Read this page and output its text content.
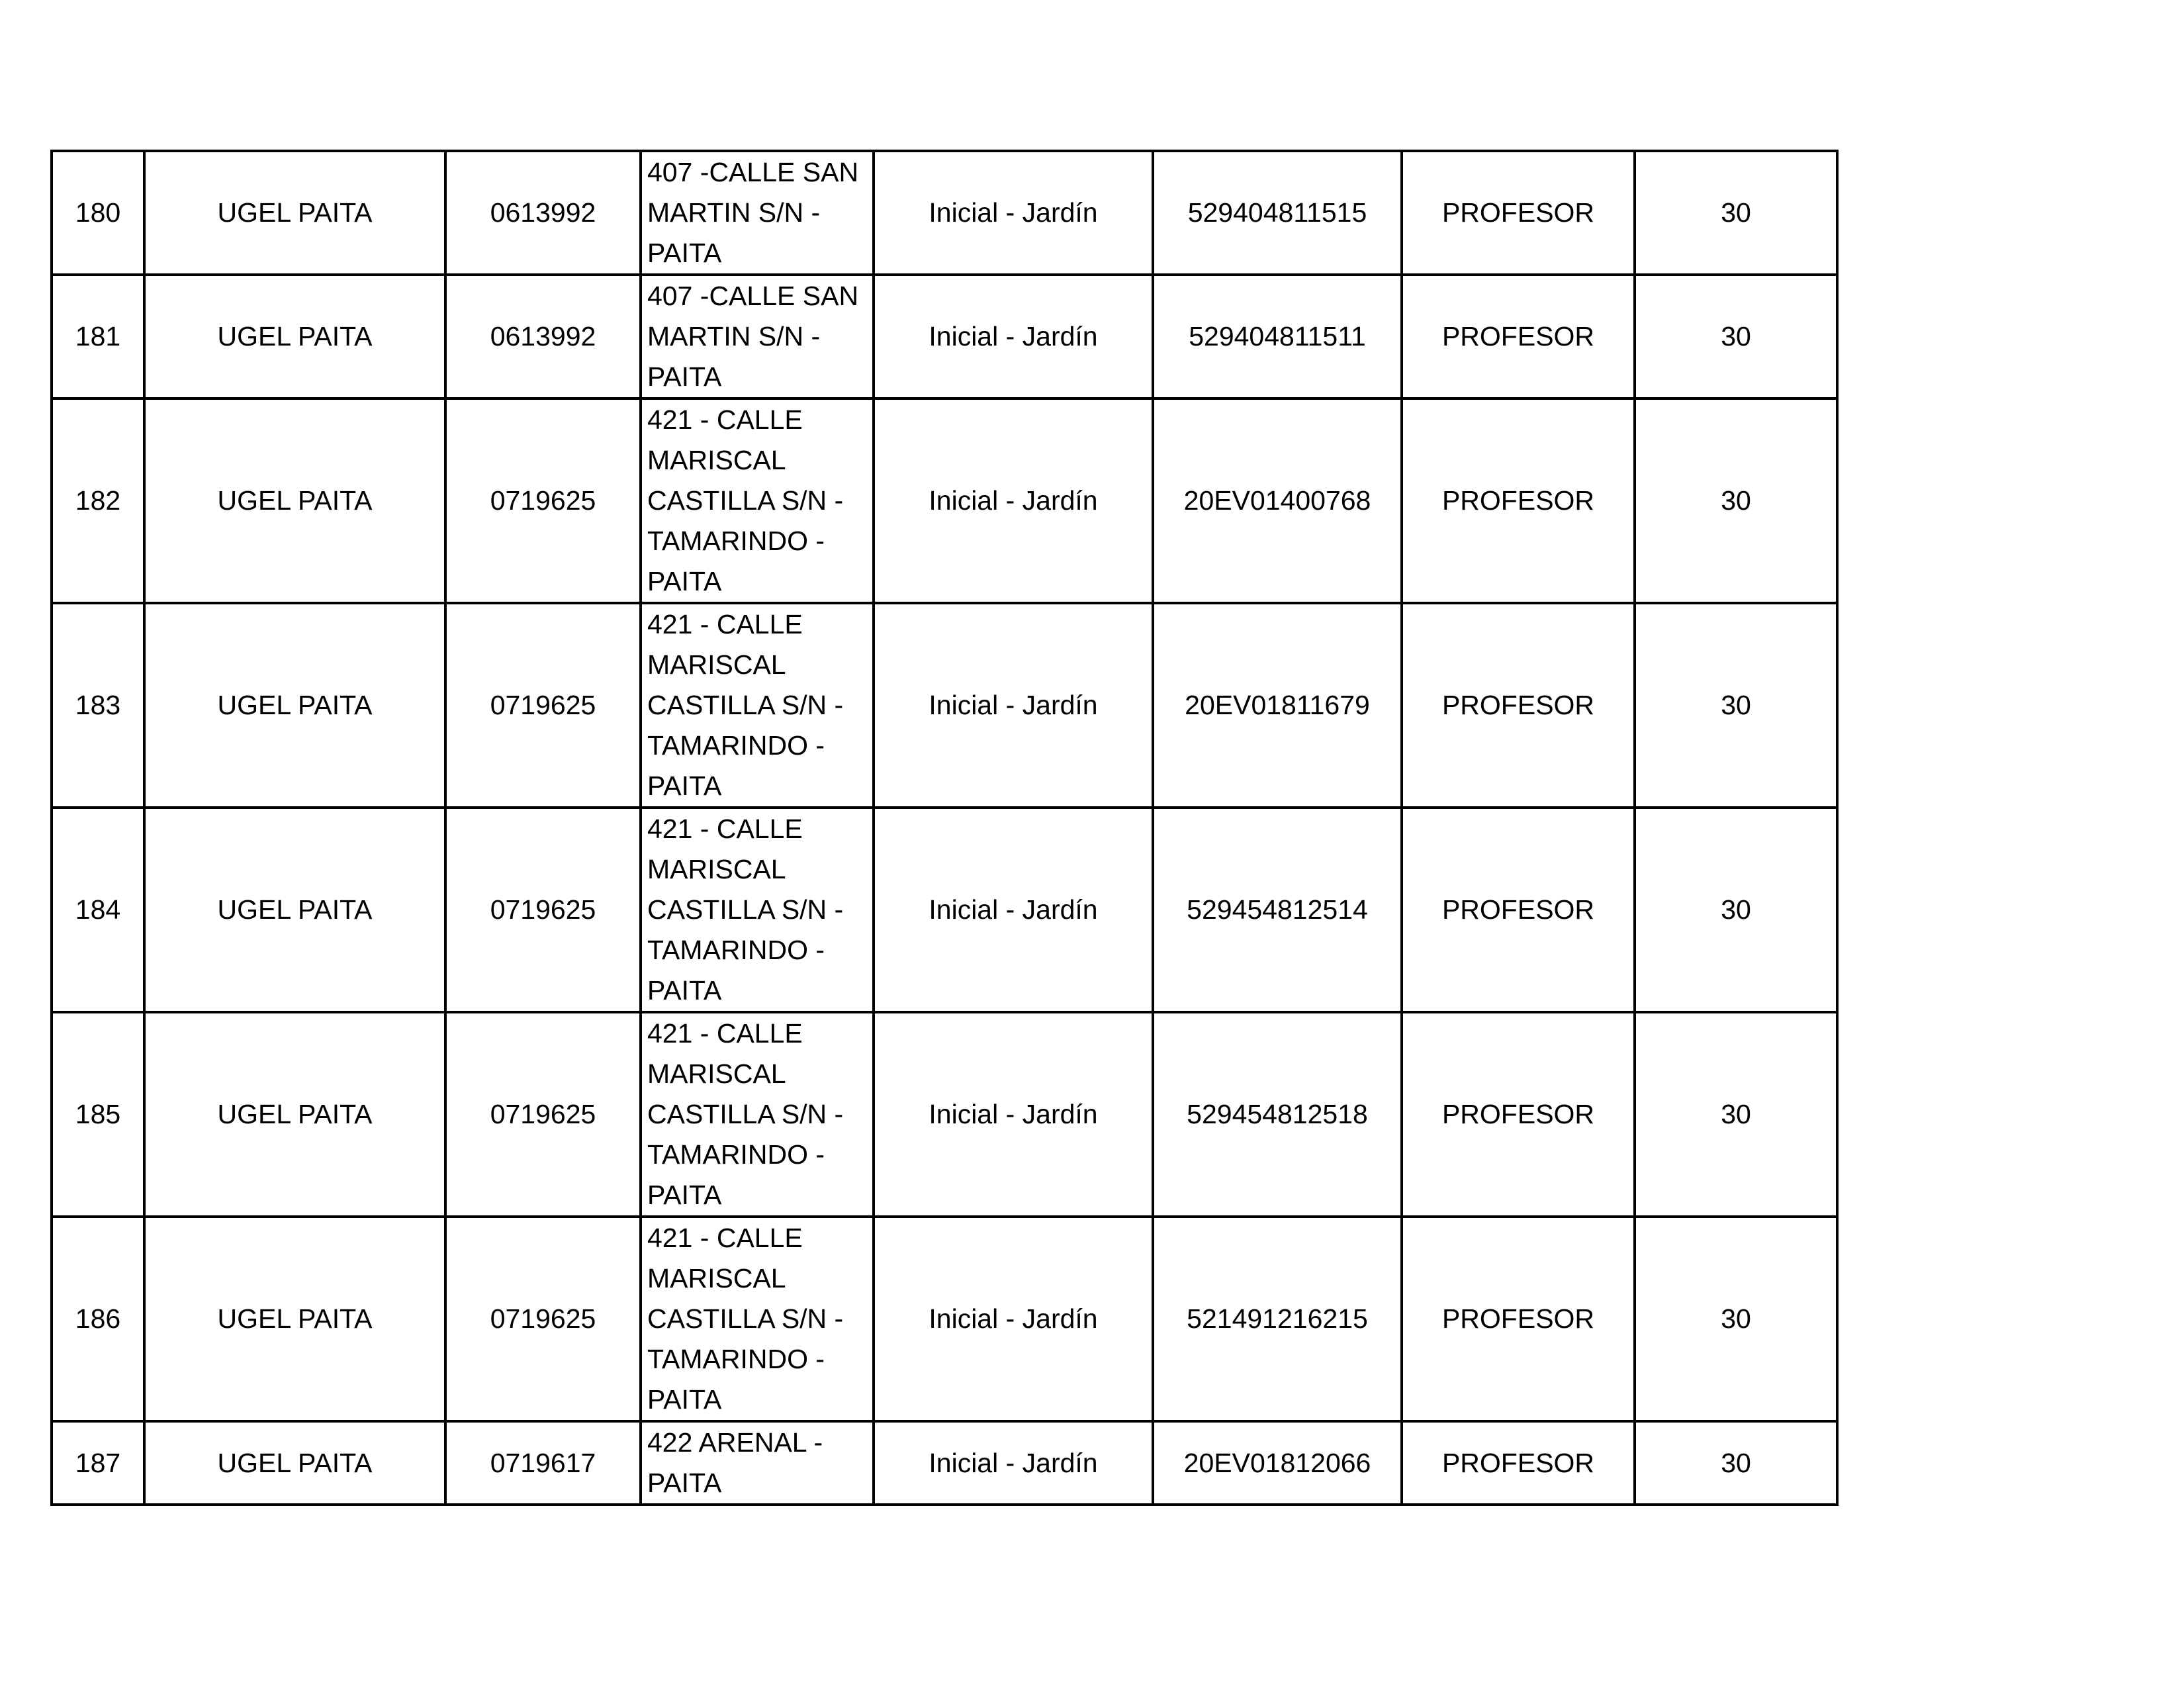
180	UGEL PAITA	0613992	407 -CALLE SAN
MARTIN S/N -
PAITA	Inicial - Jardín	529404811515	PROFESOR	30
181	UGEL PAITA	0613992	407 -CALLE SAN
MARTIN S/N -
PAITA	Inicial - Jardín	529404811511	PROFESOR	30
182	UGEL PAITA	0719625	421 - CALLE
MARISCAL
CASTILLA S/N -
TAMARINDO -
PAITA	Inicial - Jardín	20EV01400768	PROFESOR	30
183	UGEL PAITA	0719625	421 - CALLE
MARISCAL
CASTILLA S/N -
TAMARINDO -
PAITA	Inicial - Jardín	20EV01811679	PROFESOR	30
184	UGEL PAITA	0719625	421 - CALLE
MARISCAL
CASTILLA S/N -
TAMARINDO -
PAITA	Inicial - Jardín	529454812514	PROFESOR	30
185	UGEL PAITA	0719625	421 - CALLE
MARISCAL
CASTILLA S/N -
TAMARINDO -
PAITA	Inicial - Jardín	529454812518	PROFESOR	30
186	UGEL PAITA	0719625	421 - CALLE
MARISCAL
CASTILLA S/N -
TAMARINDO -
PAITA	Inicial - Jardín	521491216215	PROFESOR	30
187	UGEL PAITA	0719617	422 ARENAL -
PAITA	Inicial - Jardín	20EV01812066	PROFESOR	30
